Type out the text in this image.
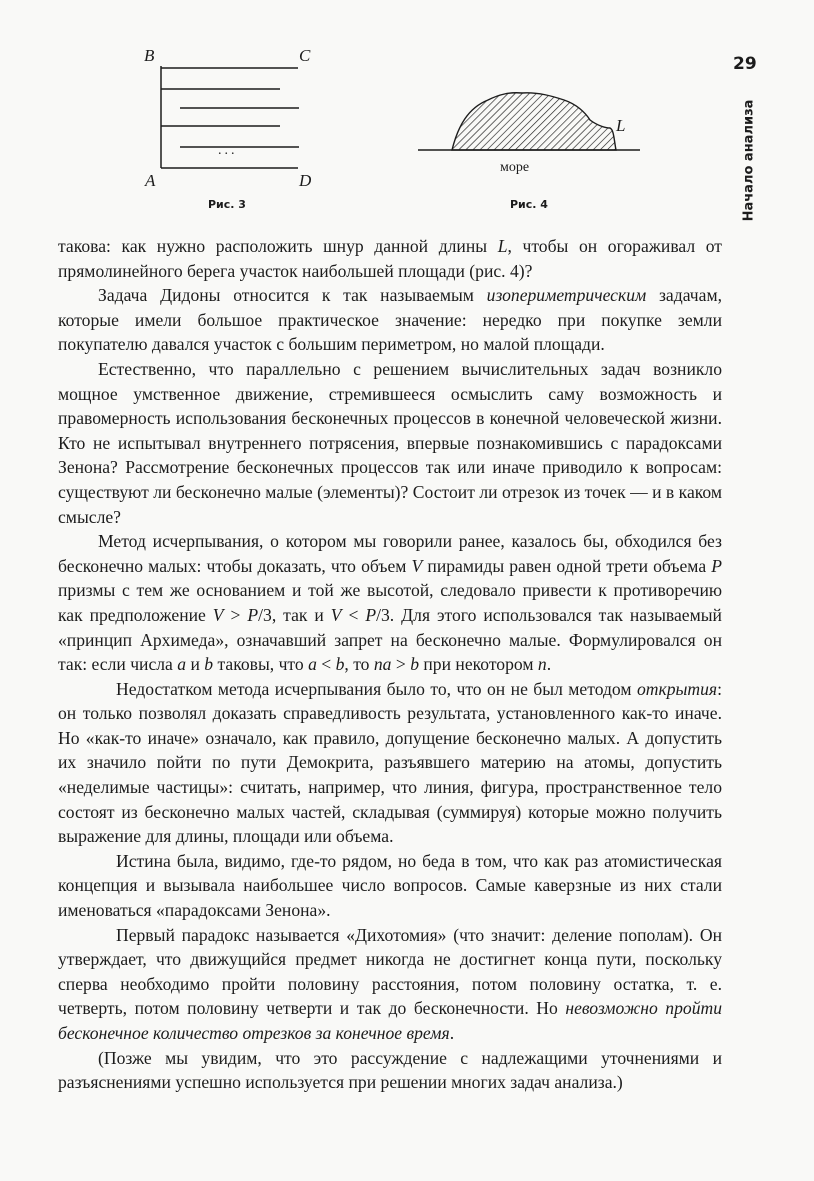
29
Начало анализа
B	C
A	D
...
Рис. 3
L
море
Рис. 4

такова: как нужно расположить шнур данной длины L, чтобы он огораживал от прямолинейного берега участок наибольшей площади (рис. 4)?

Задача Дидоны относится к так называемым изопериметрическим задачам, которые имели большое практическое значение: нередко при покупке земли покупателю давался участок с большим периметром, но малой площади.

Естественно, что параллельно с решением вычислительных задач возникло мощное умственное движение, стремившееся осмыслить саму возможность и правомерность использования бесконечных процессов в конечной человеческой жизни. Кто не испытывал внутреннего потрясения, впервые познакомившись с парадоксами Зенона? Рассмотрение бесконечных процессов так или иначе приводило к вопросам: существуют ли бесконечно малые (элементы)? Состоит ли отрезок из точек — и в каком смысле?

Метод исчерпывания, о котором мы говорили ранее, казалось бы, обходился без бесконечно малых: чтобы доказать, что объем V пирамиды равен одной трети объема P призмы с тем же основанием и той же высотой, следовало привести к противоречию как предположение V > P/3, так и V < P/3. Для этого использовался так называемый «принцип Архимеда», означавший запрет на бесконечно малые. Формулировался он так: если числа a и b таковы, что a < b, то na > b при некотором n.

Недостатком метода исчерпывания было то, что он не был методом открытия: он только позволял доказать справедливость результата, установленного как-то иначе. Но «как-то иначе» означало, как правило, допущение бесконечно малых. А допустить их значило пойти по пути Демокрита, разъявшего материю на атомы, допустить «неделимые частицы»: считать, например, что линия, фигура, пространственное тело состоят из бесконечно малых частей, складывая (суммируя) которые можно получить выражение для длины, площади или объема.

Истина была, видимо, где-то рядом, но беда в том, что как раз атомистическая концепция и вызывала наибольшее число вопросов. Самые каверзные из них стали именоваться «парадоксами Зенона».

Первый парадокс называется «Дихотомия» (что значит: деление пополам). Он утверждает, что движущийся предмет никогда не достигнет конца пути, поскольку сперва необходимо пройти половину расстояния, потом половину остатка, т. е. четверть, потом половину четверти и так до бесконечности. Но невозможно пройти бесконечное количество отрезков за конечное время.

(Позже мы увидим, что это рассуждение с надлежащими уточнениями и разъяснениями успешно используется при решении многих задач анализа.)
